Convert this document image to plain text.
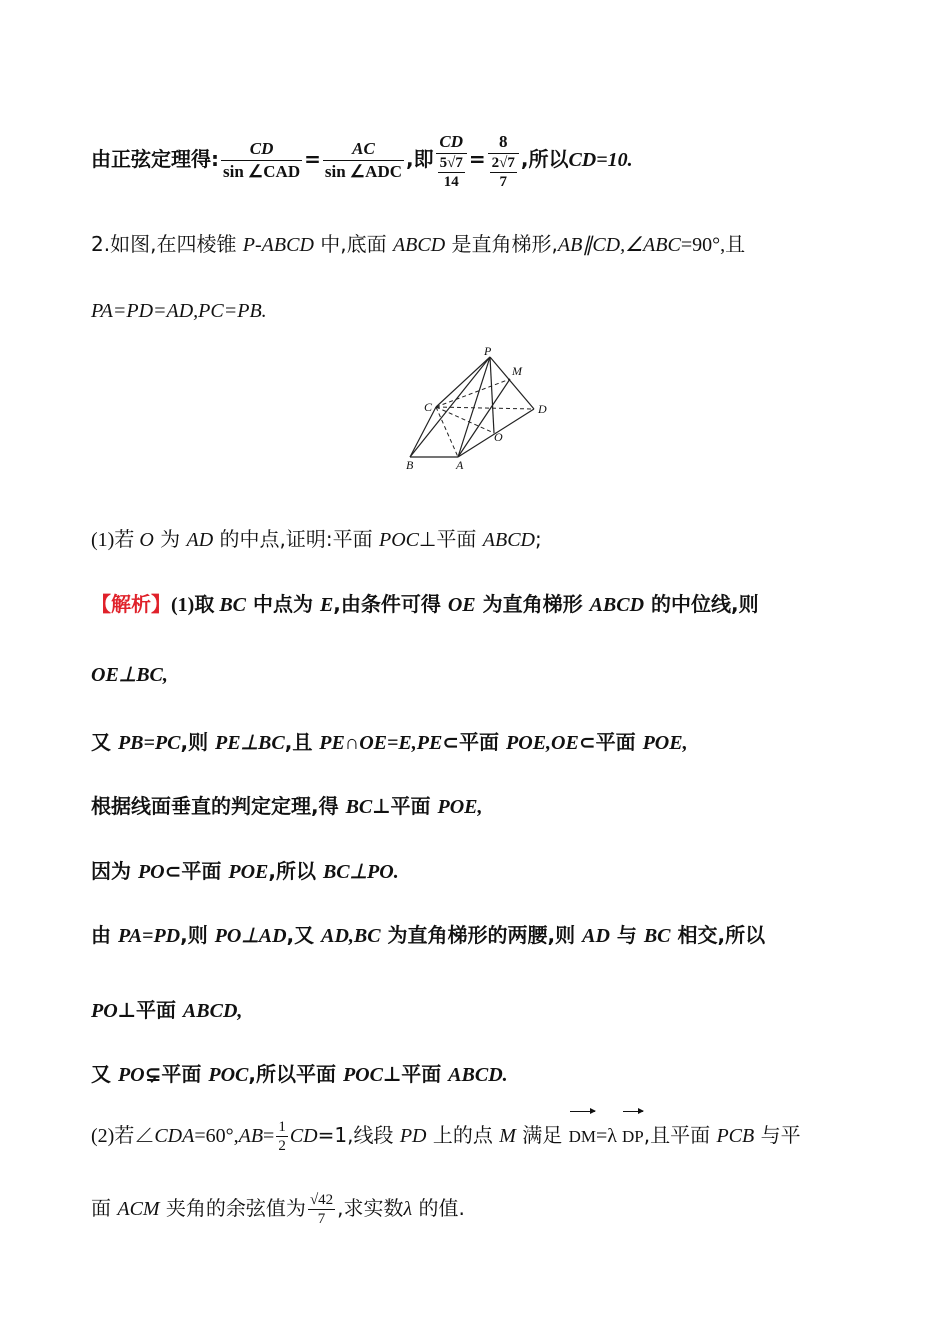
由正弦定理得: $\frac{CD}{\text{sin ∠CAD}} = \frac{AC}{\text{sin ∠ADC}}$ ,即 $\frac{CD}{\frac{5√7}{14}} = \frac{8}{\frac{2√7}{7}}$ ,所以CD=10.
2.如图,在四棱锥 P-ABCD 中,底面 ABCD 是直角梯形,AB∥CD,∠ABC=90°,且
PA=PD=AD,PC=PB.
P
M
C	D
O
B	A
(1)若 O 为 AD 的中点,证明:平面 POC⊥平面 ABCD;
【解析】(1)取 BC 中点为 E,由条件可得 OE 为直角梯形 ABCD 的中位线,则
OE⊥BC,
又 PB=PC,则 PE⊥BC,且 PE∩OE=E,PE⊂平面 POE,OE⊂平面 POE,
根据线面垂直的判定定理,得 BC⊥平面 POE,
因为 PO⊂平面 POE,所以 BC⊥PO.
由 PA=PD,则 PO⊥AD,又 AD,BC 为直角梯形的两腰,则 AD 与 BC 相交,所以
PO⊥平面 ABCD,
又 PO⊊平面 POC,所以平面 POC⊥平面 ABCD.
(2)若∠CDA=60°,AB= $\frac{1}{2} CD=1$,线段 PD 上的点 M 满足 DM=λ DP,且平面 PCB 与平
面 ACM 夹角的余弦值为 $\frac{√42}{7}$ ,求实数λ 的值.
